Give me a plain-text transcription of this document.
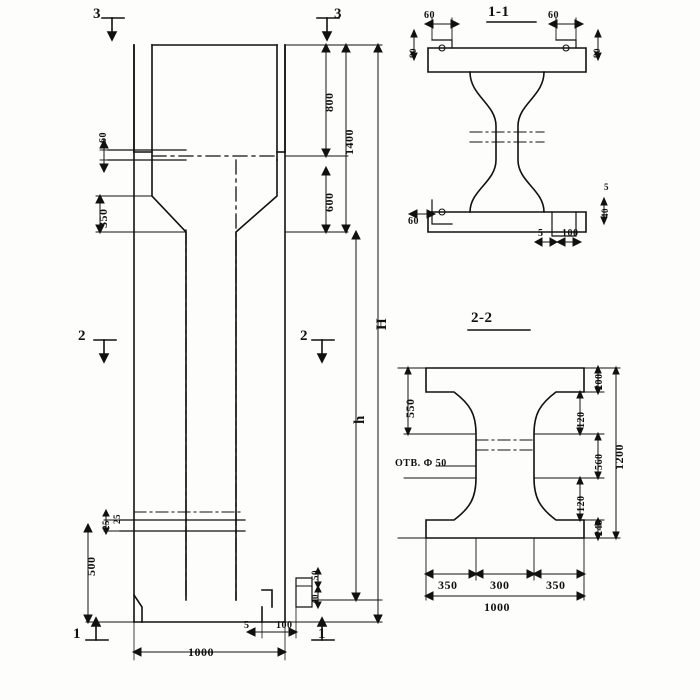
1-1
2-2
3	3
2	2
1	1
800
1400
600
h
H
60
350
500
25
25
1000
5	100
50
40
60	60
80	80
60
5 100
5
40
550
1200
200
120
560
120
240
350	300	350
1000
ОТВ. Ф 50
